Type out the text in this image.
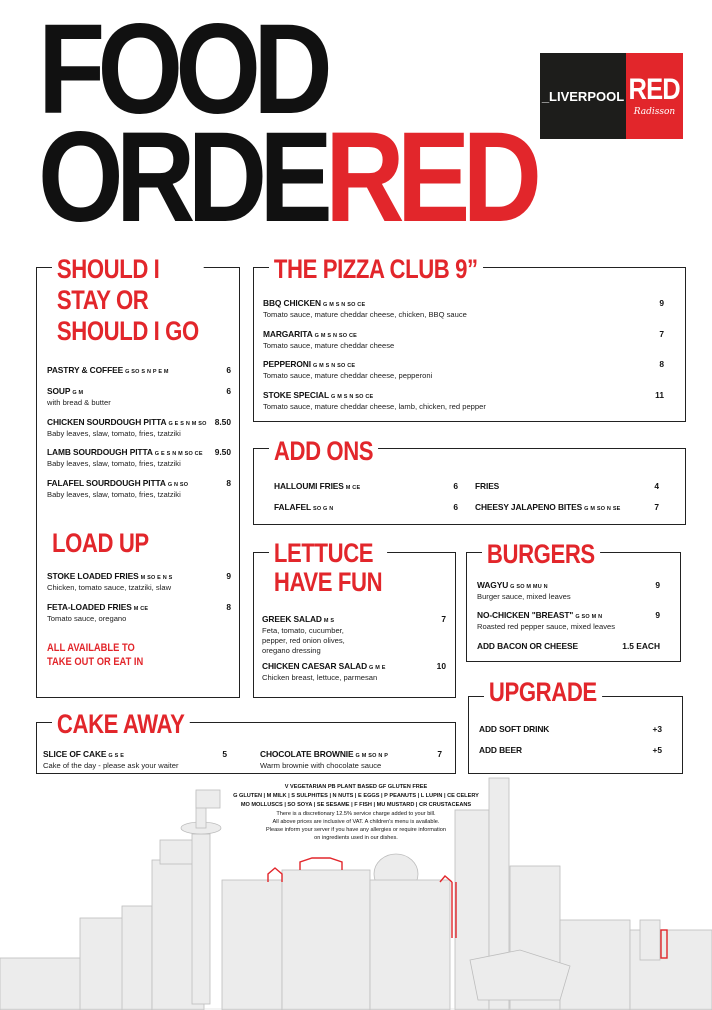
FOOD
ORDERED
_LIVERPOOL RED
Radisson
SHOULD I
STAY OR
SHOULD I GO
PASTRY & COFFEE G SO S N P E M	6
SOUP G M
with bread & butter
6
CHICKEN SOURDOUGH PITTA G E S N M SO
Baby leaves, slaw, tomato, fries, tzatziki
8.50
LAMB SOURDOUGH PITTA G E S N M SO CE
Baby leaves, slaw, tomato, fries, tzatziki
9.50
FALAFEL SOURDOUGH PITTA G N SO
Baby leaves, slaw, tomato, fries, tzatziki
8
LOAD UP
STOKE LOADED FRIES M SO E N S
Chicken, tomato sauce, tzatziki, slaw
9
FETA-LOADED FRIES M CE
Tomato sauce, oregano
8
ALL AVAILABLE TO
TAKE OUT OR EAT IN
THE PIZZA CLUB 9”
BBQ CHICKEN G M S N SO CE
Tomato sauce, mature cheddar cheese, chicken, BBQ sauce
9
MARGARITA G M S N SO CE
Tomato sauce, mature cheddar cheese
7
PEPPERONI G M S N SO CE
Tomato sauce, mature cheddar cheese, pepperoni
8
STOKE SPECIAL G M S N SO CE
Tomato sauce, mature cheddar cheese, lamb, chicken, red pepper
11
ADD ONS
HALLOUMI FRIES M CE	6
FALAFEL SO G N	6
FRIES	4
CHEESY JALAPENO BITES G M SO N SE	7
LETTUCE
HAVE FUN
GREEK SALAD M S
Feta, tomato, cucumber, pepper, red onion olives, oregano dressing
7
CHICKEN CAESAR SALAD G M E
Chicken breast, lettuce, parmesan
10
BURGERS
WAGYU G SO M MU N
Burger sauce, mixed leaves
9
NO-CHICKEN "BREAST" G SO M N
Roasted red pepper sauce, mixed leaves
9
ADD BACON OR CHEESE	1.5 EACH
UPGRADE
ADD SOFT DRINK	+3
ADD BEER	+5
CAKE AWAY
SLICE OF CAKE G S E
Cake of the day - please ask your waiter
5	CHOCOLATE BROWNIE G M SO N P
Warm brownie with chocolate sauce
7
V VEGETARIAN PB PLANT BASED GF GLUTEN FREE
G GLUTEN | M MILK | S SULPHITES | N NUTS | E EGGS | P PEANUTS | L LUPIN | CE CELERY
MO MOLLUSCS | SO SOYA | SE SESAME | F FISH | MU MUSTARD | CR CRUSTACEANS
There is a discretionary 12.5% service charge added to your bill.
All above prices are inclusive of VAT. A children's menu is available.
Please inform your server if you have any allergies or require information
on ingredients used in our dishes.
